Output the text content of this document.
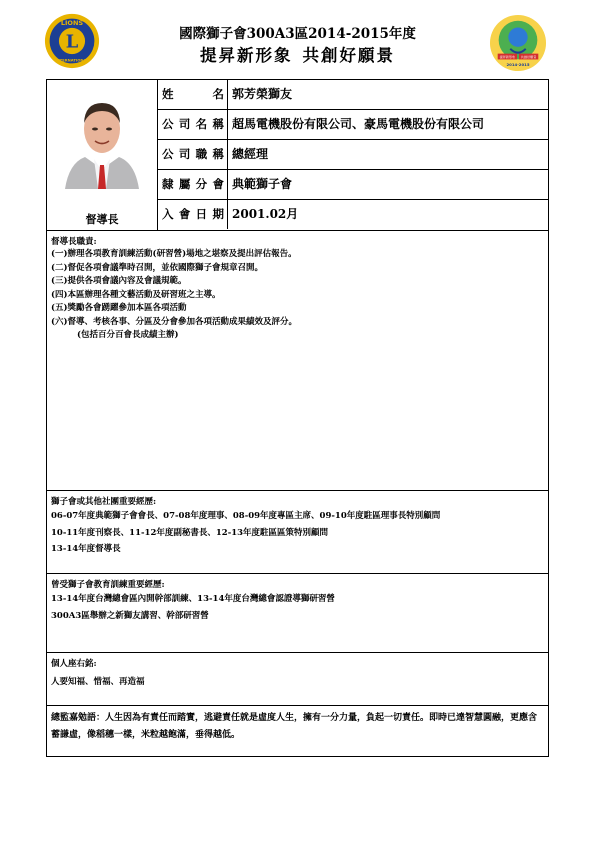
L
LIONS
INTERNATIONAL
國際獅子會300A3區2014-2015年度
提昇新形象 共創好願景	提昇新形象 共創好願景
2014-2015
督導長
姓名 郭芳榮獅友
公司名稱 超馬電機股份有限公司、豪馬電機股份有限公司
公司職稱 總經理
隸屬分會 典範獅子會
入會日期 2001.02月
督導長職責:
(一)辦理各項教育訓練活動(研習營)場地之堪察及提出評估報告。
(二)督促各項會議準時召開，並依國際獅子會規章召開。
(三)提供各項會議內容及會議規範。
(四)本區辦理各種文藝活動及研習班之主導。
(五)獎勵各會踴躍參加本區各項活動
(六)督導、考核各事、分區及分會參加各項活動成果績效及評分。
(包括百分百會長成績主辦)
獅子會或其他社團重要經歷:
06-07年度典範獅子會會長、07-08年度理事、08-09年度專區主席、09-10年度駐區理事長特別顧問
10-11年度刊察長、11-12年度副秘書長、12-13年度駐區區策特別顧問
13-14年度督導長
曾受獅子會教育訓練重要經歷:
13-14年度台灣總會區內開幹部訓練、13-14年度台灣總會認證導獅研習營
300A3區舉辦之新獅友講習、幹部研習營
個人座右銘:
人要知福、惜福、再造福
總監嘉勉語：人生因為有責任而踏實，逃避責任就是虛度人生，擁有一分力量，負起一切責任。即時已達智慧圓融，更應含蓄謙虛，像稻穗一樣，米粒越飽滿，垂得越低。
